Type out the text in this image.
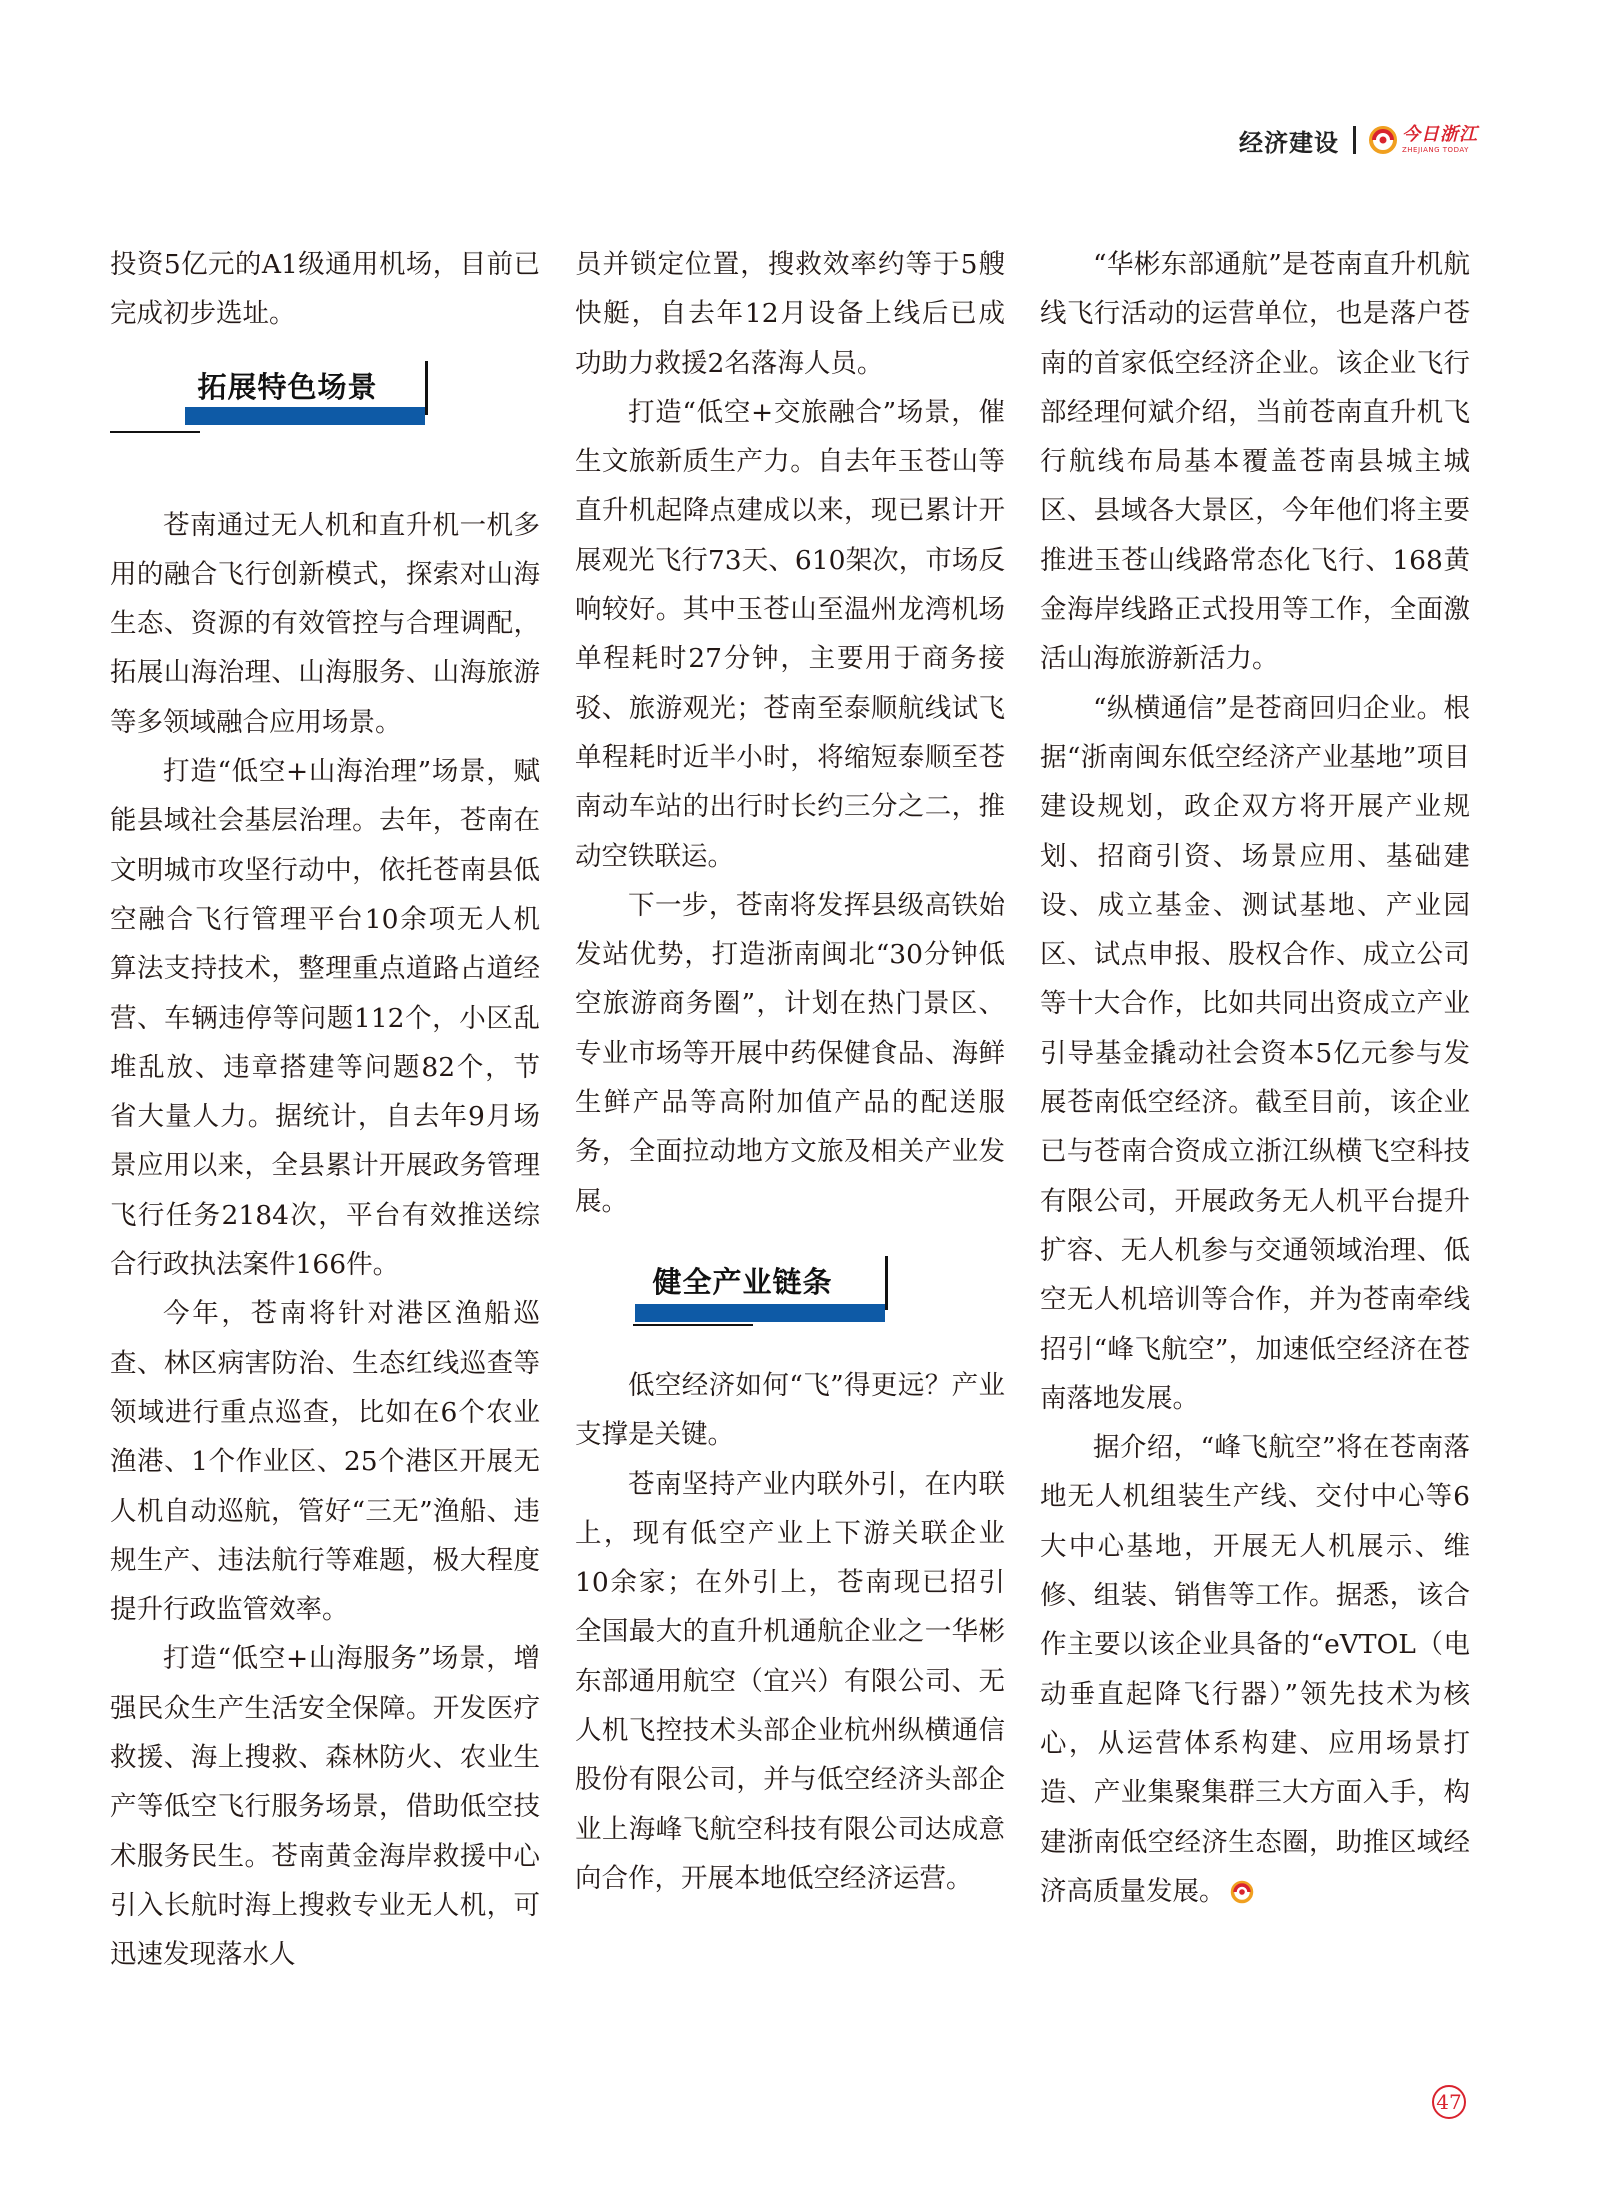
经济建设	今日浙江
ZHEJIANG TODAY

投资5亿元的A1级通用机场，目前已完成初步选址。

拓展特色场景

苍南通过无人机和直升机一机多用的融合飞行创新模式，探索对山海生态、资源的有效管控与合理调配，拓展山海治理、山海服务、山海旅游等多领域融合应用场景。

打造“低空+山海治理”场景，赋能县域社会基层治理。去年，苍南在文明城市攻坚行动中，依托苍南县低空融合飞行管理平台10余项无人机算法支持技术，整理重点道路占道经营、车辆违停等问题112个，小区乱堆乱放、违章搭建等问题82个，节省大量人力。据统计，自去年9月场景应用以来，全县累计开展政务管理飞行任务2184次，平台有效推送综合行政执法案件166件。

今年，苍南将针对港区渔船巡查、林区病害防治、生态红线巡查等领域进行重点巡查，比如在6个农业渔港、1个作业区、25个港区开展无人机自动巡航，管好“三无”渔船、违规生产、违法航行等难题，极大程度提升行政监管效率。

打造“低空+山海服务”场景，增强民众生产生活安全保障。开发医疗救援、海上搜救、森林防火、农业生产等低空飞行服务场景，借助低空技术服务民生。苍南黄金海岸救援中心引入长航时海上搜救专业无人机，可迅速发现落水人

员并锁定位置，搜救效率约等于5艘快艇，自去年12月设备上线后已成功助力救援2名落海人员。

打造“低空+交旅融合”场景，催生文旅新质生产力。自去年玉苍山等直升机起降点建成以来，现已累计开展观光飞行73天、610架次，市场反响较好。其中玉苍山至温州龙湾机场单程耗时27分钟，主要用于商务接驳、旅游观光；苍南至泰顺航线试飞单程耗时近半小时，将缩短泰顺至苍南动车站的出行时长约三分之二，推动空铁联运。

下一步，苍南将发挥县级高铁始发站优势，打造浙南闽北“30分钟低空旅游商务圈”，计划在热门景区、专业市场等开展中药保健食品、海鲜生鲜产品等高附加值产品的配送服务，全面拉动地方文旅及相关产业发展。

健全产业链条

低空经济如何“飞”得更远？产业支撑是关键。

苍南坚持产业内联外引，在内联上，现有低空产业上下游关联企业10余家；在外引上，苍南现已招引全国最大的直升机通航企业之一华彬东部通用航空（宜兴）有限公司、无人机飞控技术头部企业杭州纵横通信股份有限公司，并与低空经济头部企业上海峰飞航空科技有限公司达成意向合作，开展本地低空经济运营。

“华彬东部通航”是苍南直升机航线飞行活动的运营单位，也是落户苍南的首家低空经济企业。该企业飞行部经理何斌介绍，当前苍南直升机飞行航线布局基本覆盖苍南县城主城区、县域各大景区，今年他们将主要推进玉苍山线路常态化飞行、168黄金海岸线路正式投用等工作，全面激活山海旅游新活力。

“纵横通信”是苍商回归企业。根据“浙南闽东低空经济产业基地”项目建设规划，政企双方将开展产业规划、招商引资、场景应用、基础建设、成立基金、测试基地、产业园区、试点申报、股权合作、成立公司等十大合作，比如共同出资成立产业引导基金撬动社会资本5亿元参与发展苍南低空经济。截至目前，该企业已与苍南合资成立浙江纵横飞空科技有限公司，开展政务无人机平台提升扩容、无人机参与交通领域治理、低空无人机培训等合作，并为苍南牵线招引“峰飞航空”，加速低空经济在苍南落地发展。

据介绍，“峰飞航空”将在苍南落地无人机组装生产线、交付中心等6大中心基地，开展无人机展示、维修、组装、销售等工作。据悉，该合作主要以该企业具备的“eVTOL（电动垂直起降飞行器）”领先技术为核心，从运营体系构建、应用场景打造、产业集聚集群三大方面入手，构建浙南低空经济生态圈，助推区域经济高质量发展。

47
